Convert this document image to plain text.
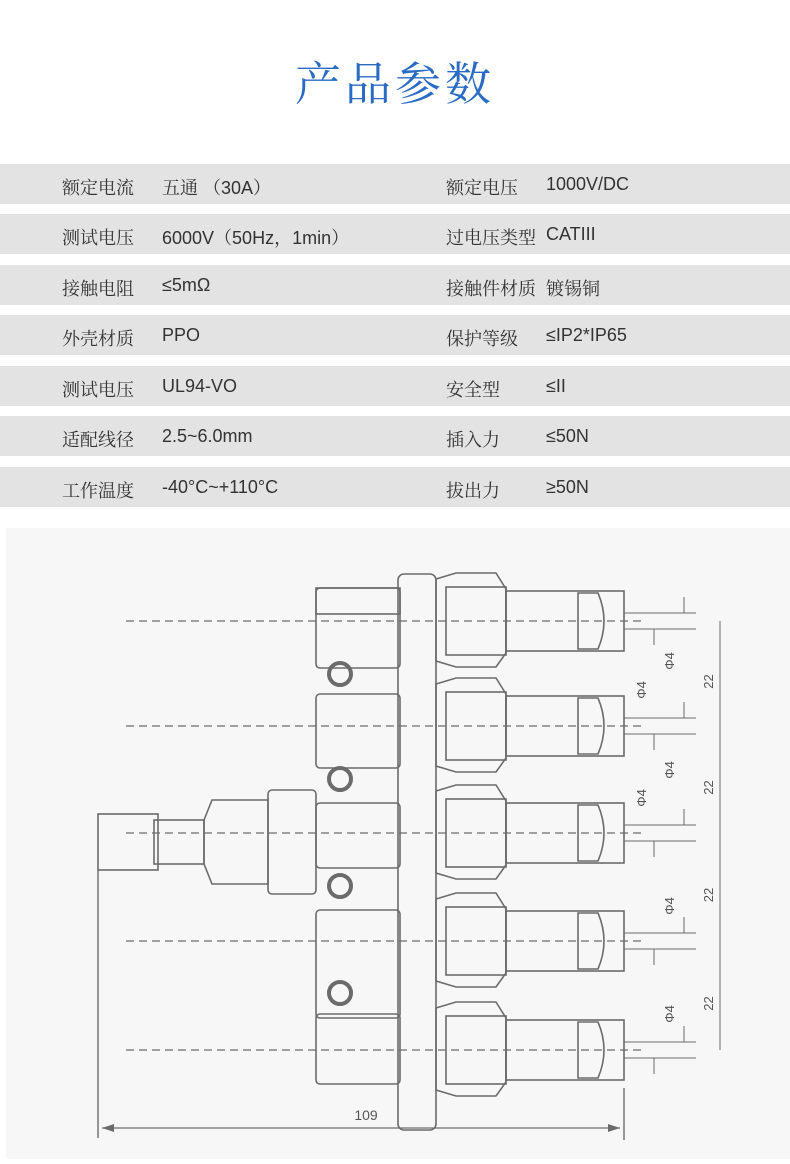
产品参数
额定电流 五通 （30A）	额定电压 1000V/DC
测试电压 6000V（50Hz，1min）	过电压类型 CATIII
接触电阻 ≤5mΩ	接触件材质 镀锡铜
外壳材质 PPO	保护等级 ≤IP2*IP65
测试电压 UL94-VO	安全型	≤II
适配线径 2.5~6.0mm	插入力	≤50N
工作温度 -40°C~+110°C	拔出力	≥50N
22
22
22
22
Φ4
Φ4
Φ4
Φ4
Φ4
Φ4
109
